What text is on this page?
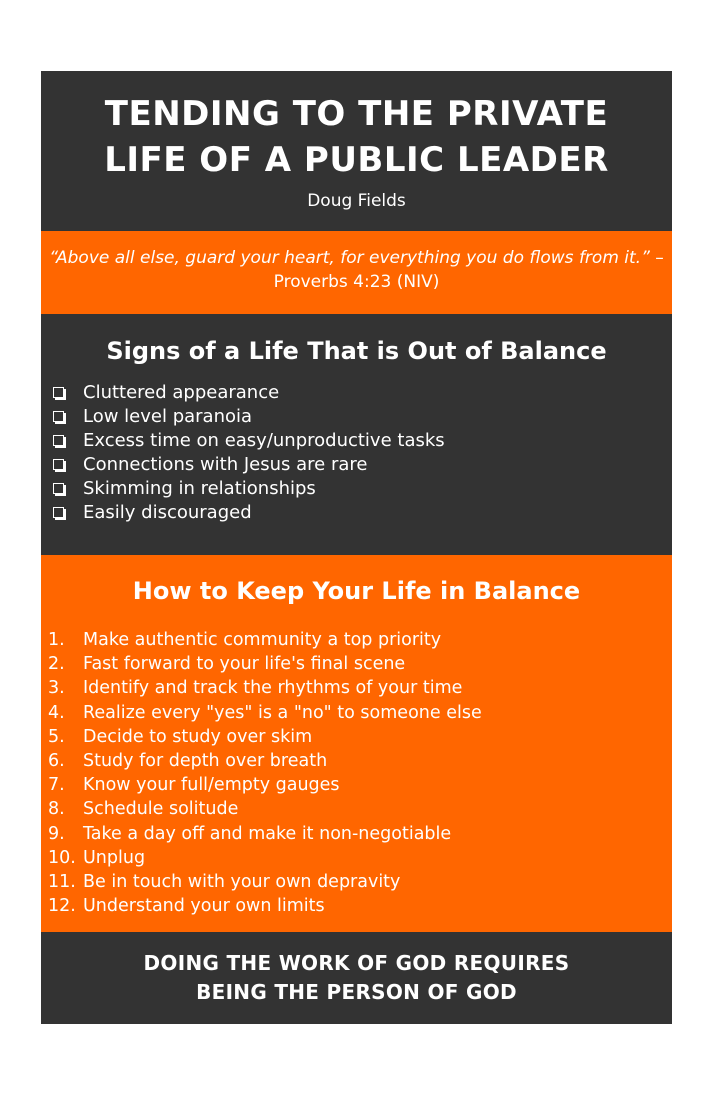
TENDING TO THE PRIVATE
LIFE OF A PUBLIC LEADER
Doug Fields
“Above all else, guard your heart, for everything you do flows from it.” – Proverbs 4:23 (NIV)
Signs of a Life That is Out of Balance
Cluttered appearance
Low level paranoia
Excess time on easy/unproductive tasks
Connections with Jesus are rare
Skimming in relationships
Easily discouraged
How to Keep Your Life in Balance
1.	Make authentic community a top priority
2.	Fast forward to your life's final scene
3.	Identify and track the rhythms of your time
4.	Realize every "yes" is a "no" to someone else
5.	Decide to study over skim
6.	Study for depth over breath
7.	Know your full/empty gauges
8.	Schedule solitude
9.	Take a day off and make it non-negotiable
10. Unplug
11. Be in touch with your own depravity
12. Understand your own limits
DOING THE WORK OF GOD REQUIRES
BEING THE PERSON OF GOD
